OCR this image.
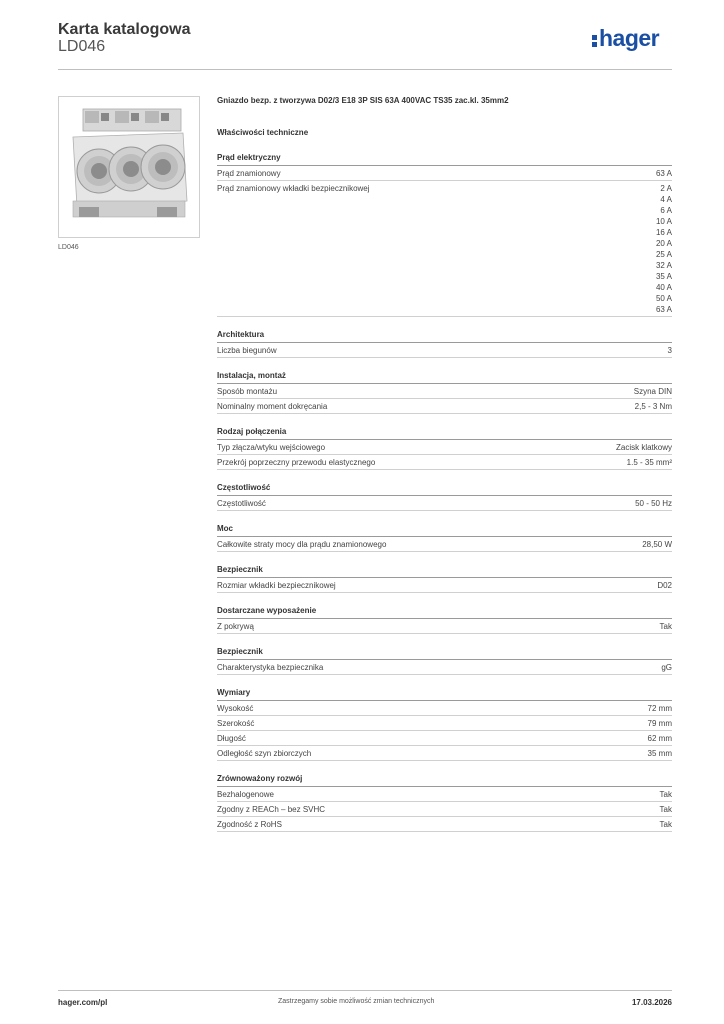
Karta katalogowa
LD046	hager
LD046
Gniazdo bezp. z tworzywa D02/3 E18 3P SIS 63A 400VAC TS35 zac.kl. 35mm2
Właściwości techniczne
Prąd elektryczny
Prąd znamionowy	63 A
Prąd znamionowy wkładki bezpiecznikowej	2 A
4 A
6 A
10 A
16 A
20 A
25 A
32 A
35 A
40 A
50 A
63 A
Architektura
Liczba biegunów	3
Instalacja, montaż
Sposób montażu	Szyna DIN
Nominalny moment dokręcania	2,5 - 3 Nm
Rodzaj połączenia
Typ złącza/wtyku wejściowego	Zacisk klatkowy
Przekrój poprzeczny przewodu elastycznego	1.5 - 35 mm²
Częstotliwość
Częstotliwość	50 - 50 Hz
Moc
Całkowite straty mocy dla prądu znamionowego	28,50 W
Bezpiecznik
Rozmiar wkładki bezpiecznikowej	D02
Dostarczane wyposażenie
Z pokrywą	Tak
Bezpiecznik
Charakterystyka bezpiecznika	gG
Wymiary
Wysokość	72 mm
Szerokość	79 mm
Długość	62 mm
Odległość szyn zbiorczych	35 mm
Zrównoważony rozwój
Bezhalogenowe	Tak
Zgodny z REACh – bez SVHC	Tak
Zgodność z RoHS	Tak
hager.com/pl	Zastrzegamy sobie możliwość zmian technicznych	17.03.2026
